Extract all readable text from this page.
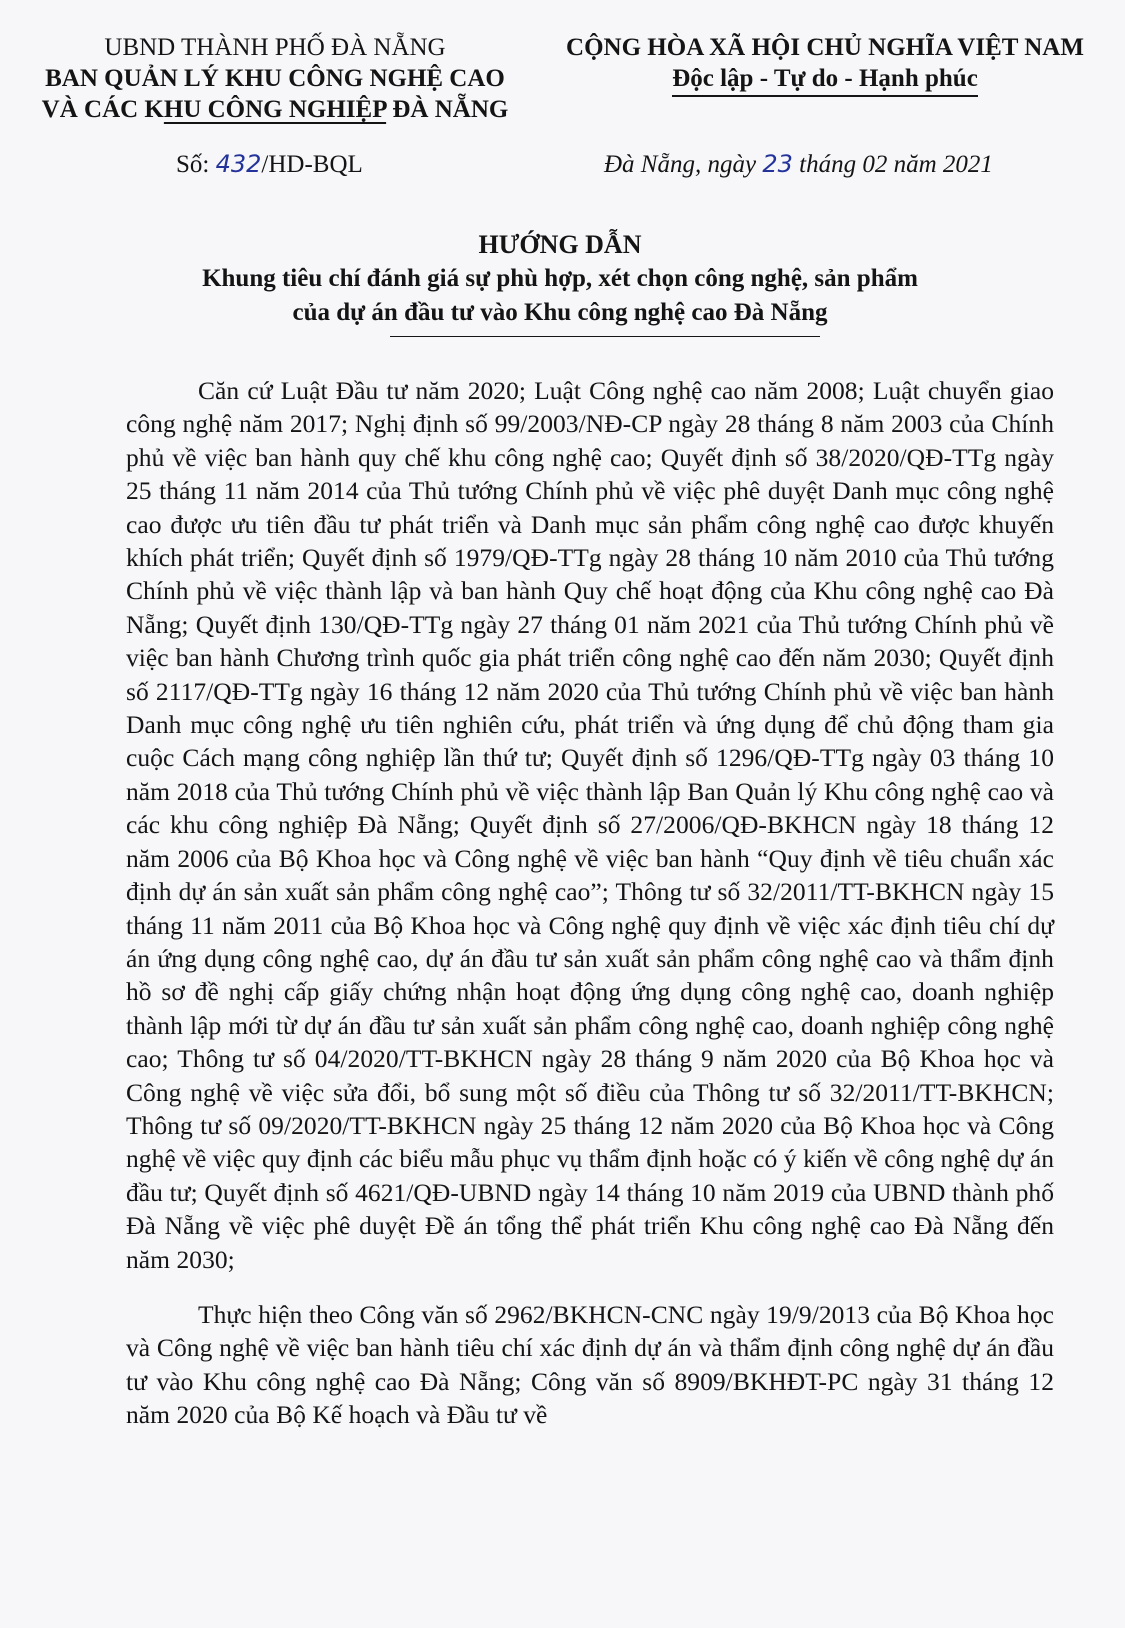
UBND THÀNH PHỐ ĐÀ NẴNG
BAN QUẢN LÝ KHU CÔNG NGHỆ CAO
VÀ CÁC KHU CÔNG NGHIỆP ĐÀ NẴNG
CỘNG HÒA XÃ HỘI CHỦ NGHĨA VIỆT NAM
Độc lập - Tự do - Hạnh phúc
Số: 432/HD-BQL	Đà Nẵng, ngày 23 tháng 02 năm 2021
HƯỚNG DẪN
Khung tiêu chí đánh giá sự phù hợp, xét chọn công nghệ, sản phẩm
của dự án đầu tư vào Khu công nghệ cao Đà Nẵng

Căn cứ Luật Đầu tư năm 2020; Luật Công nghệ cao năm 2008; Luật chuyển giao công nghệ năm 2017; Nghị định số 99/2003/NĐ-CP ngày 28 tháng 8 năm 2003 của Chính phủ về việc ban hành quy chế khu công nghệ cao; Quyết định số 38/2020/QĐ-TTg ngày 25 tháng 11 năm 2014 của Thủ tướng Chính phủ về việc phê duyệt Danh mục công nghệ cao được ưu tiên đầu tư phát triển và Danh mục sản phẩm công nghệ cao được khuyến khích phát triển; Quyết định số 1979/QĐ-TTg ngày 28 tháng 10 năm 2010 của Thủ tướng Chính phủ về việc thành lập và ban hành Quy chế hoạt động của Khu công nghệ cao Đà Nẵng; Quyết định 130/QĐ-TTg ngày 27 tháng 01 năm 2021 của Thủ tướng Chính phủ về việc ban hành Chương trình quốc gia phát triển công nghệ cao đến năm 2030; Quyết định số 2117/QĐ-TTg ngày 16 tháng 12 năm 2020 của Thủ tướng Chính phủ về việc ban hành Danh mục công nghệ ưu tiên nghiên cứu, phát triển và ứng dụng để chủ động tham gia cuộc Cách mạng công nghiệp lần thứ tư; Quyết định số 1296/QĐ-TTg ngày 03 tháng 10 năm 2018 của Thủ tướng Chính phủ về việc thành lập Ban Quản lý Khu công nghệ cao và các khu công nghiệp Đà Nẵng; Quyết định số 27/2006/QĐ-BKHCN ngày 18 tháng 12 năm 2006 của Bộ Khoa học và Công nghệ về việc ban hành “Quy định về tiêu chuẩn xác định dự án sản xuất sản phẩm công nghệ cao”; Thông tư số 32/2011/TT-BKHCN ngày 15 tháng 11 năm 2011 của Bộ Khoa học và Công nghệ quy định về việc xác định tiêu chí dự án ứng dụng công nghệ cao, dự án đầu tư sản xuất sản phẩm công nghệ cao và thẩm định hồ sơ đề nghị cấp giấy chứng nhận hoạt động ứng dụng công nghệ cao, doanh nghiệp thành lập mới từ dự án đầu tư sản xuất sản phẩm công nghệ cao, doanh nghiệp công nghệ cao; Thông tư số 04/2020/TT-BKHCN ngày 28 tháng 9 năm 2020 của Bộ Khoa học và Công nghệ về việc sửa đổi, bổ sung một số điều của Thông tư số 32/2011/TT-BKHCN; Thông tư số 09/2020/TT-BKHCN ngày 25 tháng 12 năm 2020 của Bộ Khoa học và Công nghệ về việc quy định các biểu mẫu phục vụ thẩm định hoặc có ý kiến về công nghệ dự án đầu tư; Quyết định số 4621/QĐ-UBND ngày 14 tháng 10 năm 2019 của UBND thành phố Đà Nẵng về việc phê duyệt Đề án tổng thể phát triển Khu công nghệ cao Đà Nẵng đến năm 2030;

Thực hiện theo Công văn số 2962/BKHCN-CNC ngày 19/9/2013 của Bộ Khoa học và Công nghệ về việc ban hành tiêu chí xác định dự án và thẩm định công nghệ dự án đầu tư vào Khu công nghệ cao Đà Nẵng; Công văn số 8909/BKHĐT-PC ngày 31 tháng 12 năm 2020 của Bộ Kế hoạch và Đầu tư về
